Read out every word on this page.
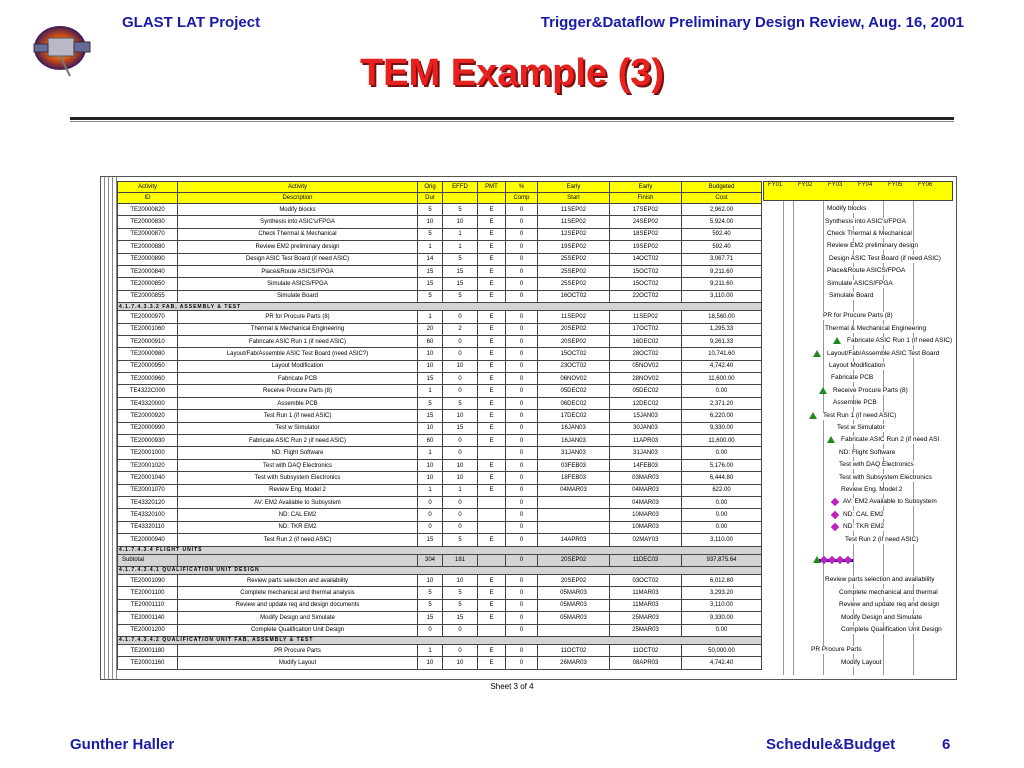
GLAST LAT Project	Trigger&Dataflow Preliminary Design Review, Aug. 16, 2001
TEM Example (3)
Activity	Activity	Orig	EFFD	PMT	%	Early	Early	Budgeted
ID	Description	Dur			Comp	Start	Finish	Cost
TE20000820	Modify blocks	5	5	E	0	11SEP02	17SEP02	2,962.00
TE20000830	Synthesis into ASIC's/FPGA	10	10	E	0	11SEP02	24SEP02	5,924.00
TE20000870	Check Thermal & Mechanical	5	1	E	0	12SEP02	18SEP02	592.40
TE20000880	Review EM2 preliminary design	1	1	E	0	19SEP02	19SEP02	592.40
TE20000890	Design ASIC Test Board (if need ASIC)	14	5	E	0	25SEP02	14OCT02	3,067.71
TE20000840	Place&Route ASICS/FPGA	15	15	E	0	25SEP02	15OCT02	9,211.60
TE20000850	Simulate ASICS/FPGA	15	15	E	0	25SEP02	15OCT02	9,211.60
TE20000855	Simulate Board	5	5	E	0	16OCT02	22OCT02	3,110.00
4.1.7.4.3.3.2 FAB, ASSEMBLY & TEST								
TE20000970	PR for Procure Parts (8)	1	0	E	0	11SEP02	11SEP02	18,560.00
TE20001060	Thermal & Mechanical Engineering	20	2	E	0	20SEP02	17OCT02	1,295.33
TE20000910	Fabricate ASIC Run 1 (if need ASIC)	60	0	E	0	20SEP02	16DEC02	9,261.33
TE20000980	Layout/Fab/Assemble ASIC Test Board (need ASIC?)	10	0	E	0	15OCT02	28OCT02	10,741.60
TE20000950	Layout Modification	10	10	E	0	23OCT02	05NOV02	4,742.40
TE20000960	Fabricate PCB	15	0	E	0	06NOV02	28NOV02	11,600.00
TE4322C000	Receive Procure Parts (8)	1	0	E	0	05DEC02	05DEC02	0.00
TE43320000	Assemble PCB	5	5	E	0	06DEC02	12DEC02	2,371.20
TE20000920	Test Run 1 (if need ASIC)	15	10	E	0	17DEC02	15JAN03	6,220.00
TE20000990	Test w Simulator	10	15	E	0	16JAN03	30JAN03	9,330.00
TE20000930	Fabricate ASIC Run 2 (if need ASIC)	60	0	E	0	16JAN03	11APR03	11,600.00
TE20001000	ND: Flight Software	1	0		0	31JAN03	31JAN03	0.00
TE20001020	Test with DAQ Electronics	10	10	E	0	03FEB03	14FEB03	5,176.00
TE20001040	Test with Subsystem Electronics	10	10	E	0	18FEB03	03MAR03	6,444.80
TE20001070	Review Eng. Model 2	1	1	E	0	04MAR03	04MAR03	622.00
TE43320120	AV: EM2 Available to Subsystem	0	0		0		04MAR03	0.00
TE43320100	ND: CAL EM2	0	0		0		10MAR03	0.00
TE43320110	ND: TKR EM2	0	0		0		10MAR03	0.00
TE20000940	Test Run 2 (if need ASIC)	15	5	E	0	14APR03	02MAY03	3,110.00
4.1.7.4.3.4 FLIGHT UNITS								
Subtotal		304	181		0	20SEP02	11DEC03	937,875.64
4.1.7.4.3.4.1 QUALIFICATION UNIT DESIGN								
TE20001090	Review parts selection and availability	10	10	E	0	20SEP02	03OCT02	6,012.80
TE20001100	Complete mechanical and thermal analysis	5	5	E	0	05MAR03	11MAR03	3,293.20
TE20001110	Review and update req and design documents	5	5	E	0	05MAR03	11MAR03	3,110.00
TE20001140	Modify Design and Simulate	15	15	E	0	05MAR03	25MAR03	9,330.00
TE20001200	Complete Qualification Unit Design	0	0		0		25MAR03	0.00
4.1.7.4.3.4.2 QUALIFICATION UNIT FAB, ASSEMBLY & TEST								
TE20001180	PR Procure Parts	1	0	E	0	11OCT02	11OCT02	50,000.00
TE20001160	Modify Layout	10	10	E	0	26MAR03	08APR03	4,742.40
FY01	FY02	FY03	FY04	FY05	FY06
Modify blocks
Synthesis into ASIC's/FPGA
Check Thermal & Mechanical
Review EM2 preliminary design
Design ASIC Test Board (if need ASIC)
Place&Route ASICS/FPGA
Simulate ASICS/FPGA
Simulate Board
PR for Procure Parts (8)
Thermal & Mechanical Engineering
Fabricate ASIC Run 1 (if need ASIC)
Layout/Fab/Assemble ASIC Test Board
Layout Modification
Fabricate PCB
Receive Procure Parts (8)
Assemble PCB
Test Run 1 (if need ASIC)
Test w Simulator
Fabricate ASIC Run 2 (if need ASI
ND: Flight Software
Test with DAQ Electronics
Test with Subsystem Electronics
Review Eng. Model 2
AV: EM2 Available to Subsystem
ND: CAL EM2
ND: TKR EM2
Test Run 2 (if need ASIC)
Review parts selection and availability
Complete mechanical and thermal
Review and update req and design
Modify Design and Simulate
Complete Qualification Unit Design
PR Procure Parts
Modify Layout
Sheet 3 of 4
Gunther Haller	Schedule&Budget	6
